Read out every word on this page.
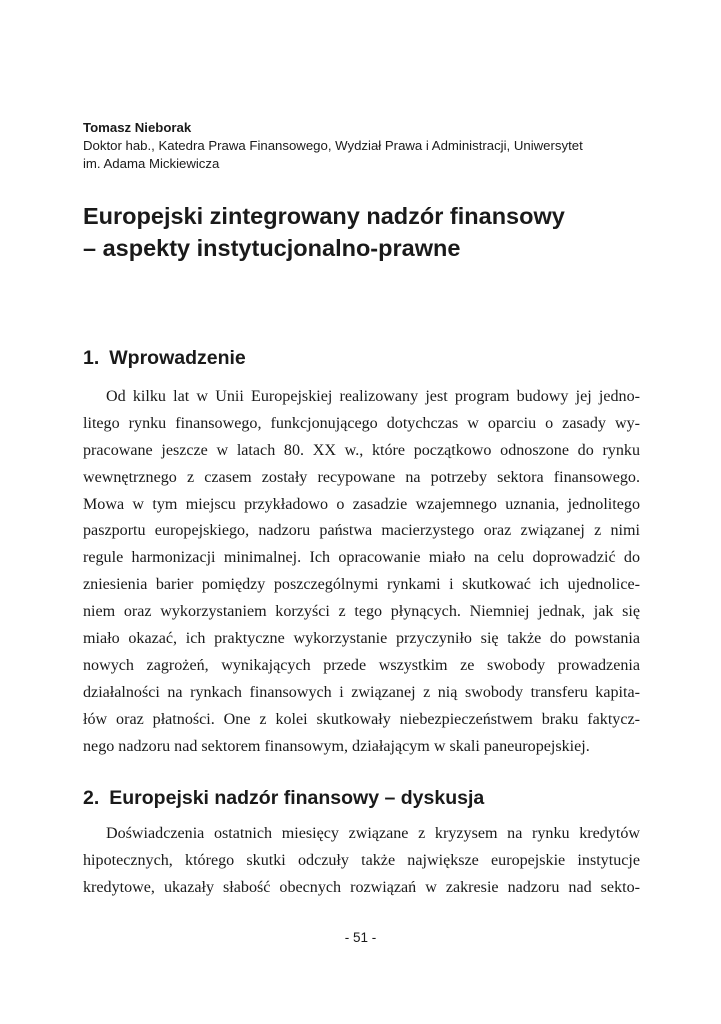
Tomasz Nieborak
Doktor hab., Katedra Prawa Finansowego, Wydział Prawa i Administracji, Uniwersytet
im. Adama Mickiewicza
Europejski zintegrowany nadzór finansowy
– aspekty instytucjonalno-prawne
1. Wprowadzenie
Od kilku lat w Unii Europejskiej realizowany jest program budowy jej jedno-
litego rynku finansowego, funkcjonującego dotychczas w oparciu o zasady wy-
pracowane jeszcze w latach 80. XX w., które początkowo odnoszone do rynku
wewnętrznego z czasem zostały recypowane na potrzeby sektora finansowego.
Mowa w tym miejscu przykładowo o zasadzie wzajemnego uznania, jednolitego
paszportu europejskiego, nadzoru państwa macierzystego oraz związanej z nimi
regule harmonizacji minimalnej. Ich opracowanie miało na celu doprowadzić do
zniesienia barier pomiędzy poszczególnymi rynkami i skutkować ich ujednolice-
niem oraz wykorzystaniem korzyści z tego płynących. Niemniej jednak, jak się
miało okazać, ich praktyczne wykorzystanie przyczyniło się także do powstania
nowych zagrożeń, wynikających przede wszystkim ze swobody prowadzenia
działalności na rynkach finansowych i związanej z nią swobody transferu kapita-
łów oraz płatności. One z kolei skutkowały niebezpieczeństwem braku faktycz-
nego nadzoru nad sektorem finansowym, działającym w skali paneuropejskiej.
2. Europejski nadzór finansowy – dyskusja
Doświadczenia ostatnich miesięcy związane z kryzysem na rynku kredytów
hipotecznych, którego skutki odczuły także największe europejskie instytucje
kredytowe, ukazały słabość obecnych rozwiązań w zakresie nadzoru nad sekto-
- 51 -
